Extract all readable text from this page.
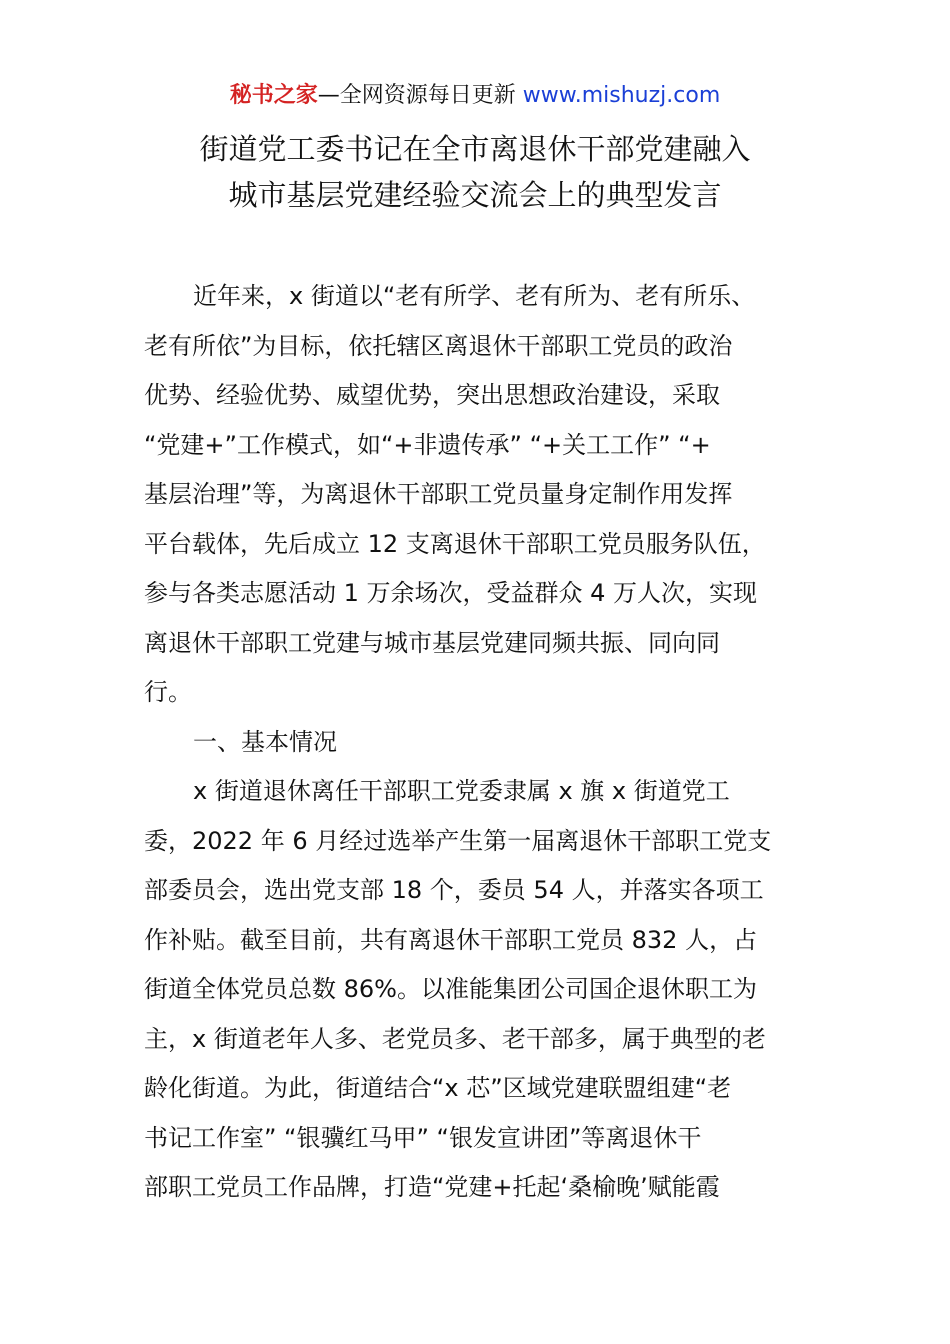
秘书之家—全网资源每日更新 www.mishuzj.com
街道党工委书记在全市离退休干部党建融入
城市基层党建经验交流会上的典型发言
近年来，x 街道以“老有所学、老有所为、老有所乐、
老有所依”为目标，依托辖区离退休干部职工党员的政治
优势、经验优势、威望优势，突出思想政治建设，采取
“党建+”工作模式，如“+非遗传承” “+关工工作” “+
基层治理”等，为离退休干部职工党员量身定制作用发挥
平台载体，先后成立 12 支离退休干部职工党员服务队伍，
参与各类志愿活动 1 万余场次，受益群众 4 万人次，实现
离退休干部职工党建与城市基层党建同频共振、同向同
行。
一、基本情况
x 街道退休离任干部职工党委隶属 x 旗 x 街道党工
委，2022 年 6 月经过选举产生第一届离退休干部职工党支
部委员会，选出党支部 18 个，委员 54 人，并落实各项工
作补贴。截至目前，共有离退休干部职工党员 832 人，占
街道全体党员总数 86%。以准能集团公司国企退休职工为
主，x 街道老年人多、老党员多、老干部多，属于典型的老
龄化街道。为此，街道结合“x 芯”区域党建联盟组建“老
书记工作室” “银骥红马甲” “银发宣讲团”等离退休干
部职工党员工作品牌，打造“党建+托起‘桑榆晚’赋能霞
